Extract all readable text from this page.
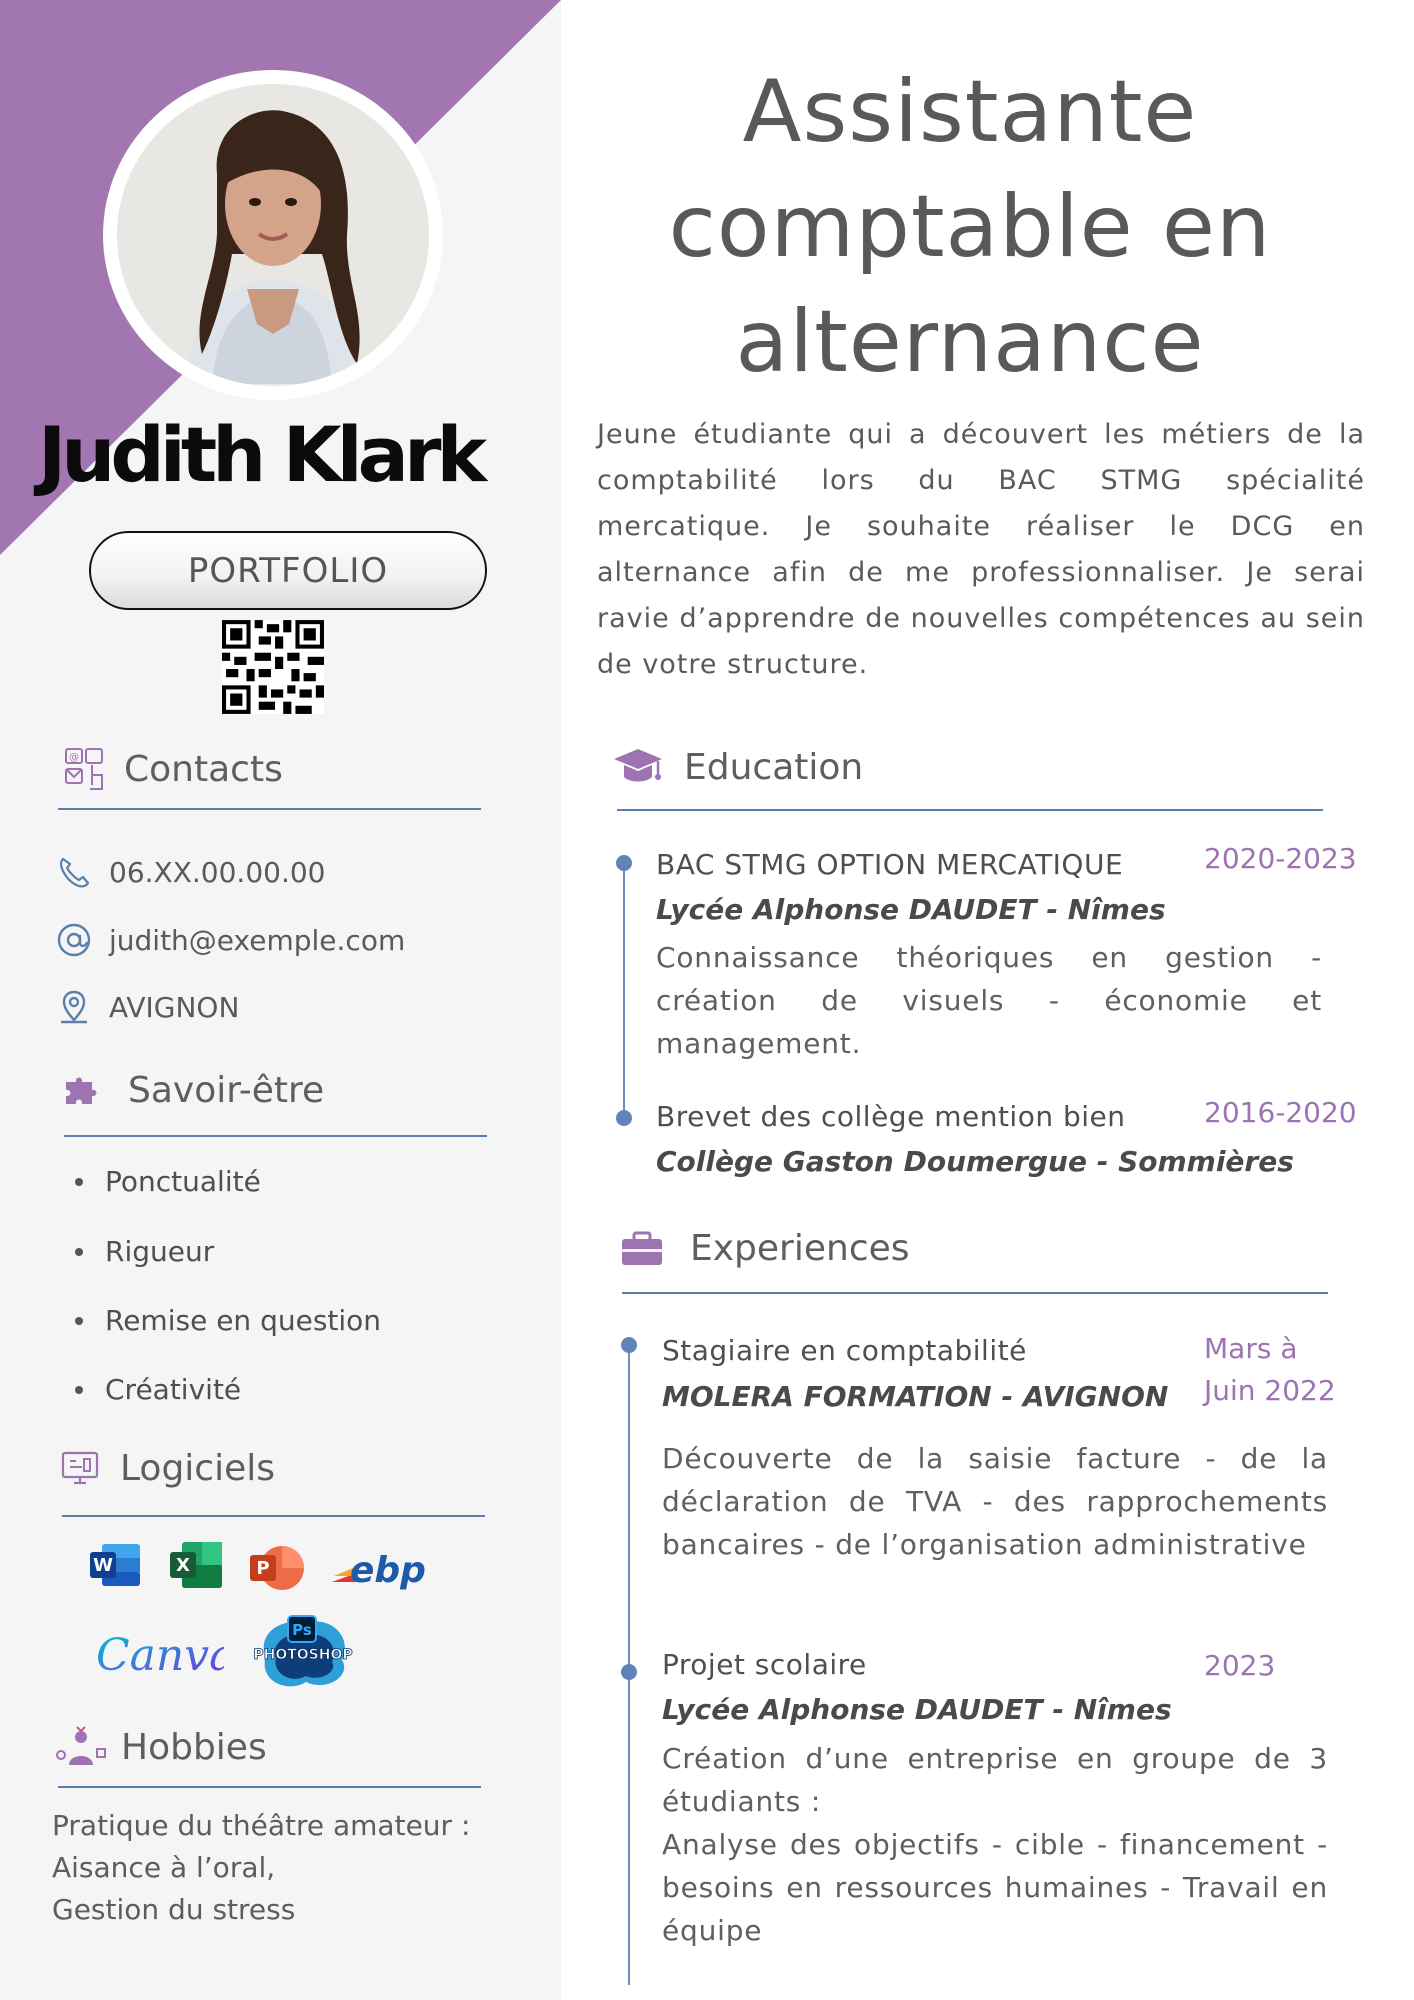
Judith Klark
PORTFOLIO
@ Contacts
06.XX.00.00.00
judith@exemple.com
AVIGNON
Savoir-être
Ponctualité
Rigueur
Remise en question
Créativité
Logiciels
W	X	P ebp
Canva	Ps
PHOTOSHOP
Hobbies
Pratique du théâtre amateur :
Aisance à l’oral,
Gestion du stress
Assistante
comptable en
alternance
Jeune étudiante qui a découvert les métiers de la comptabilité lors du BAC STMG spécialité mercatique. Je souhaite réaliser le DCG en alternance afin de me professionnaliser. Je serai ravie d’apprendre de nouvelles compétences au sein de votre structure.
Education
BAC STMG OPTION MERCATIQUE	2020-2023
Lycée Alphonse DAUDET - Nîmes
Connaissance théoriques en gestion - création de visuels - économie et management.
Brevet des collège mention bien	2016-2020
Collège Gaston Doumergue - Sommières
Experiences
Stagiaire en comptabilité	Mars à
Juin 2022
MOLERA FORMATION - AVIGNON
Découverte de la saisie facture - de la déclaration de TVA - des rapprochements bancaires - de l’organisation administrative
Projet scolaire	2023
Lycée Alphonse DAUDET - Nîmes
Création d’une entreprise en groupe de 3 étudiants :
Analyse des objectifs - cible - financement - besoins en ressources humaines - Travail en équipe
